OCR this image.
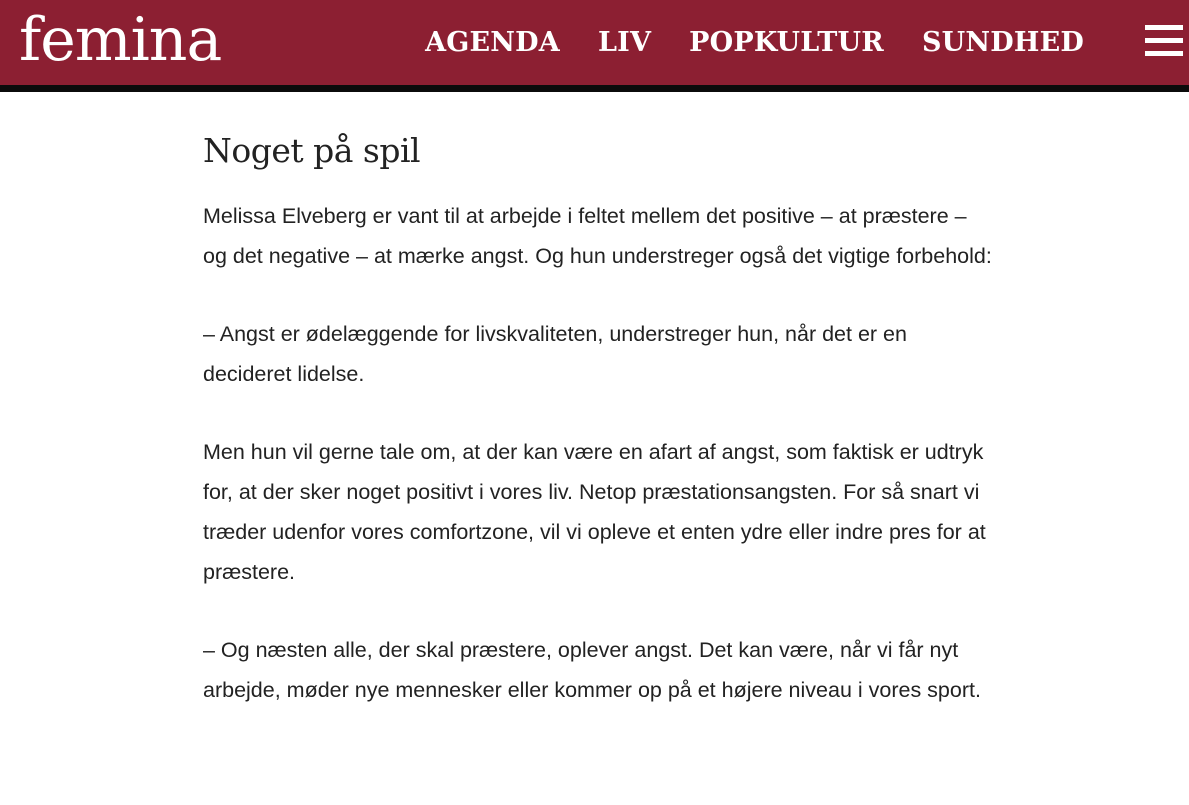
femina	AGENDA LIV POPKULTUR SUNDHED
Noget på spil

Melissa Elveberg er vant til at arbejde i feltet mellem det positive – at præstere – og det negative – at mærke angst. Og hun understreger også det vigtige forbehold:

– Angst er ødelæggende for livskvaliteten, understreger hun, når det er en decideret lidelse.

Men hun vil gerne tale om, at der kan være en afart af angst, som faktisk er udtryk for, at der sker noget positivt i vores liv. Netop præstationsangsten. For så snart vi træder udenfor vores comfortzone, vil vi opleve et enten ydre eller indre pres for at præstere.

– Og næsten alle, der skal præstere, oplever angst. Det kan være, når vi får nyt arbejde, møder nye mennesker eller kommer op på et højere niveau i vores sport.
